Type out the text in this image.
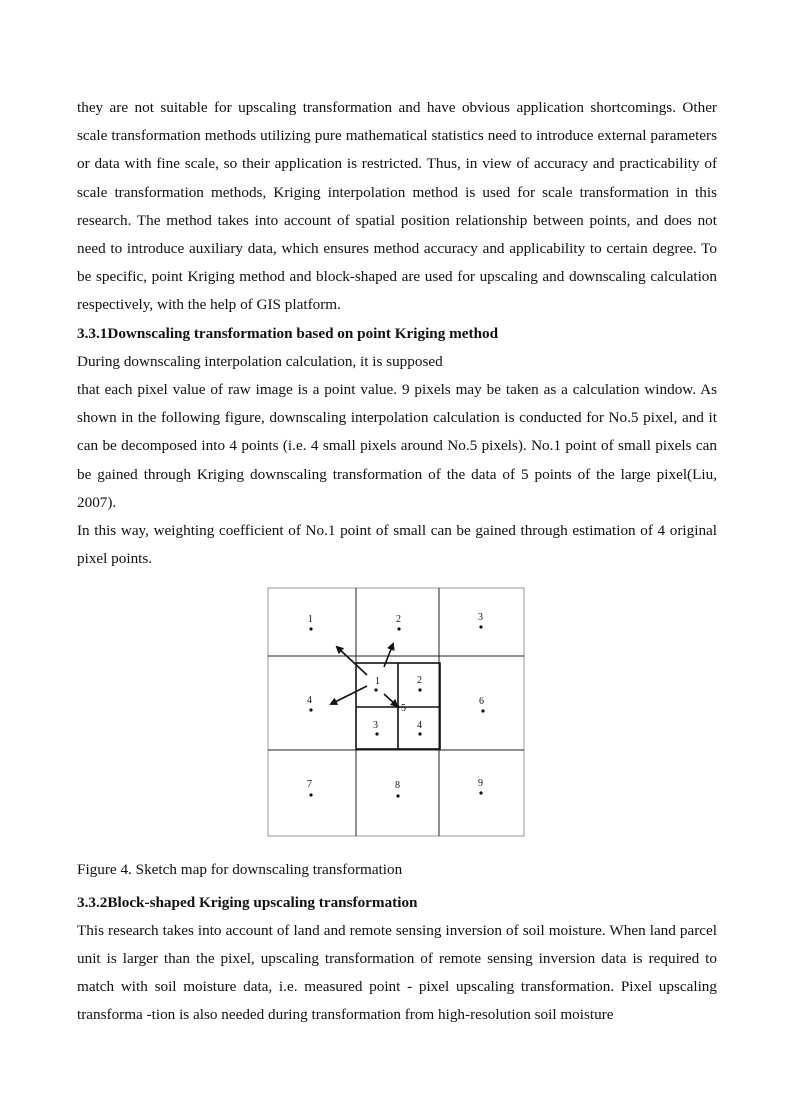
they are not suitable for upscaling transformation and have obvious application shortcomings. Other scale transformation methods utilizing pure mathematical statistics need to introduce external parameters or data with fine scale, so their application is restricted. Thus, in view of accuracy and practicability of scale transformation methods, Kriging interpolation method is used for scale transformation in this research. The method takes into account of spatial position relationship between points, and does not need to introduce auxiliary data, which ensures method accuracy and applicability to certain degree. To be specific, point Kriging method and block-shaped are used for upscaling and downscaling calculation respectively, with the help of GIS platform.

3.3.1Downscaling transformation based on point Kriging method

During downscaling interpolation calculation, it is supposed

that each pixel value of raw image is a point value. 9 pixels may be taken as a calculation window. As shown in the following figure, downscaling interpolation calculation is conducted for No.5 pixel, and it can be decomposed into 4 points (i.e. 4 small pixels around No.5 pixels). No.1 point of small pixels can be gained through Kriging downscaling transformation of the data of 5 points of the large pixel(Liu, 2007).

In this way, weighting coefficient of No.1 point of small can be gained through estimation of 4 original pixel points.

1	2	3
4	6
7	8	9
5
1	2
3	4

Figure 4. Sketch map for downscaling transformation

3.3.2Block-shaped Kriging upscaling transformation

This research takes into account of land and remote sensing inversion of soil moisture. When land parcel unit is larger than the pixel, upscaling transformation of remote sensing inversion data is required to match with soil moisture data, i.e. measured point - pixel upscaling transformation. Pixel upscaling transforma -tion is also needed during transformation from high-resolution soil moisture
